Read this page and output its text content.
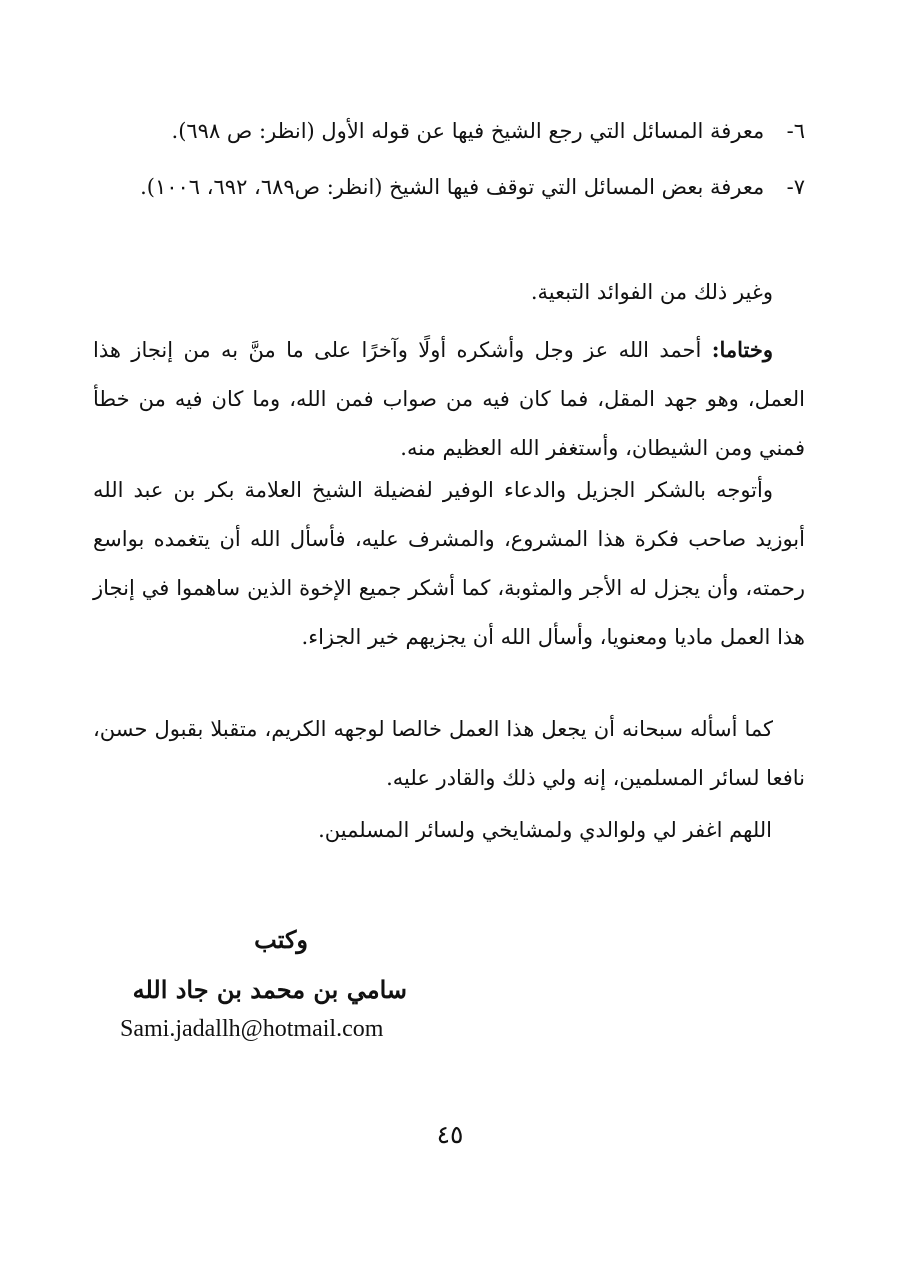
٦- معرفة المسائل التي رجع الشيخ فيها عن قوله الأول (انظر: ص ٦٩٨).
٧- معرفة بعض المسائل التي توقف فيها الشيخ (انظر: ص٦٨٩، ٦٩٢، ١٠٠٦).
وغير ذلك من الفوائد التبعية.
وختاما: أحمد الله عز وجل وأشكره أولًا وآخرًا على ما منَّ به من إنجاز هذا العمل، وهو جهد المقل، فما كان فيه من صواب فمن الله، وما كان فيه من خطأ فمني ومن الشيطان، وأستغفر الله العظيم منه.
وأتوجه بالشكر الجزيل والدعاء الوفير لفضيلة الشيخ العلامة بكر بن عبد الله أبوزيد صاحب فكرة هذا المشروع، والمشرف عليه، فأسأل الله أن يتغمده بواسع رحمته، وأن يجزل له الأجر والمثوبة، كما أشكر جميع الإخوة الذين ساهموا في إنجاز هذا العمل ماديا ومعنويا، وأسأل الله أن يجزيهم خير الجزاء.
كما أسأله سبحانه أن يجعل هذا العمل خالصا لوجهه الكريم، متقبلا بقبول حسن، نافعا لسائر المسلمين، إنه ولي ذلك والقادر عليه.
اللهم اغفر لي ولوالدي ولمشايخي ولسائر المسلمين.
وكتب
سامي بن محمد بن جاد الله
Sami.jadallh@hotmail.com
٤٥
